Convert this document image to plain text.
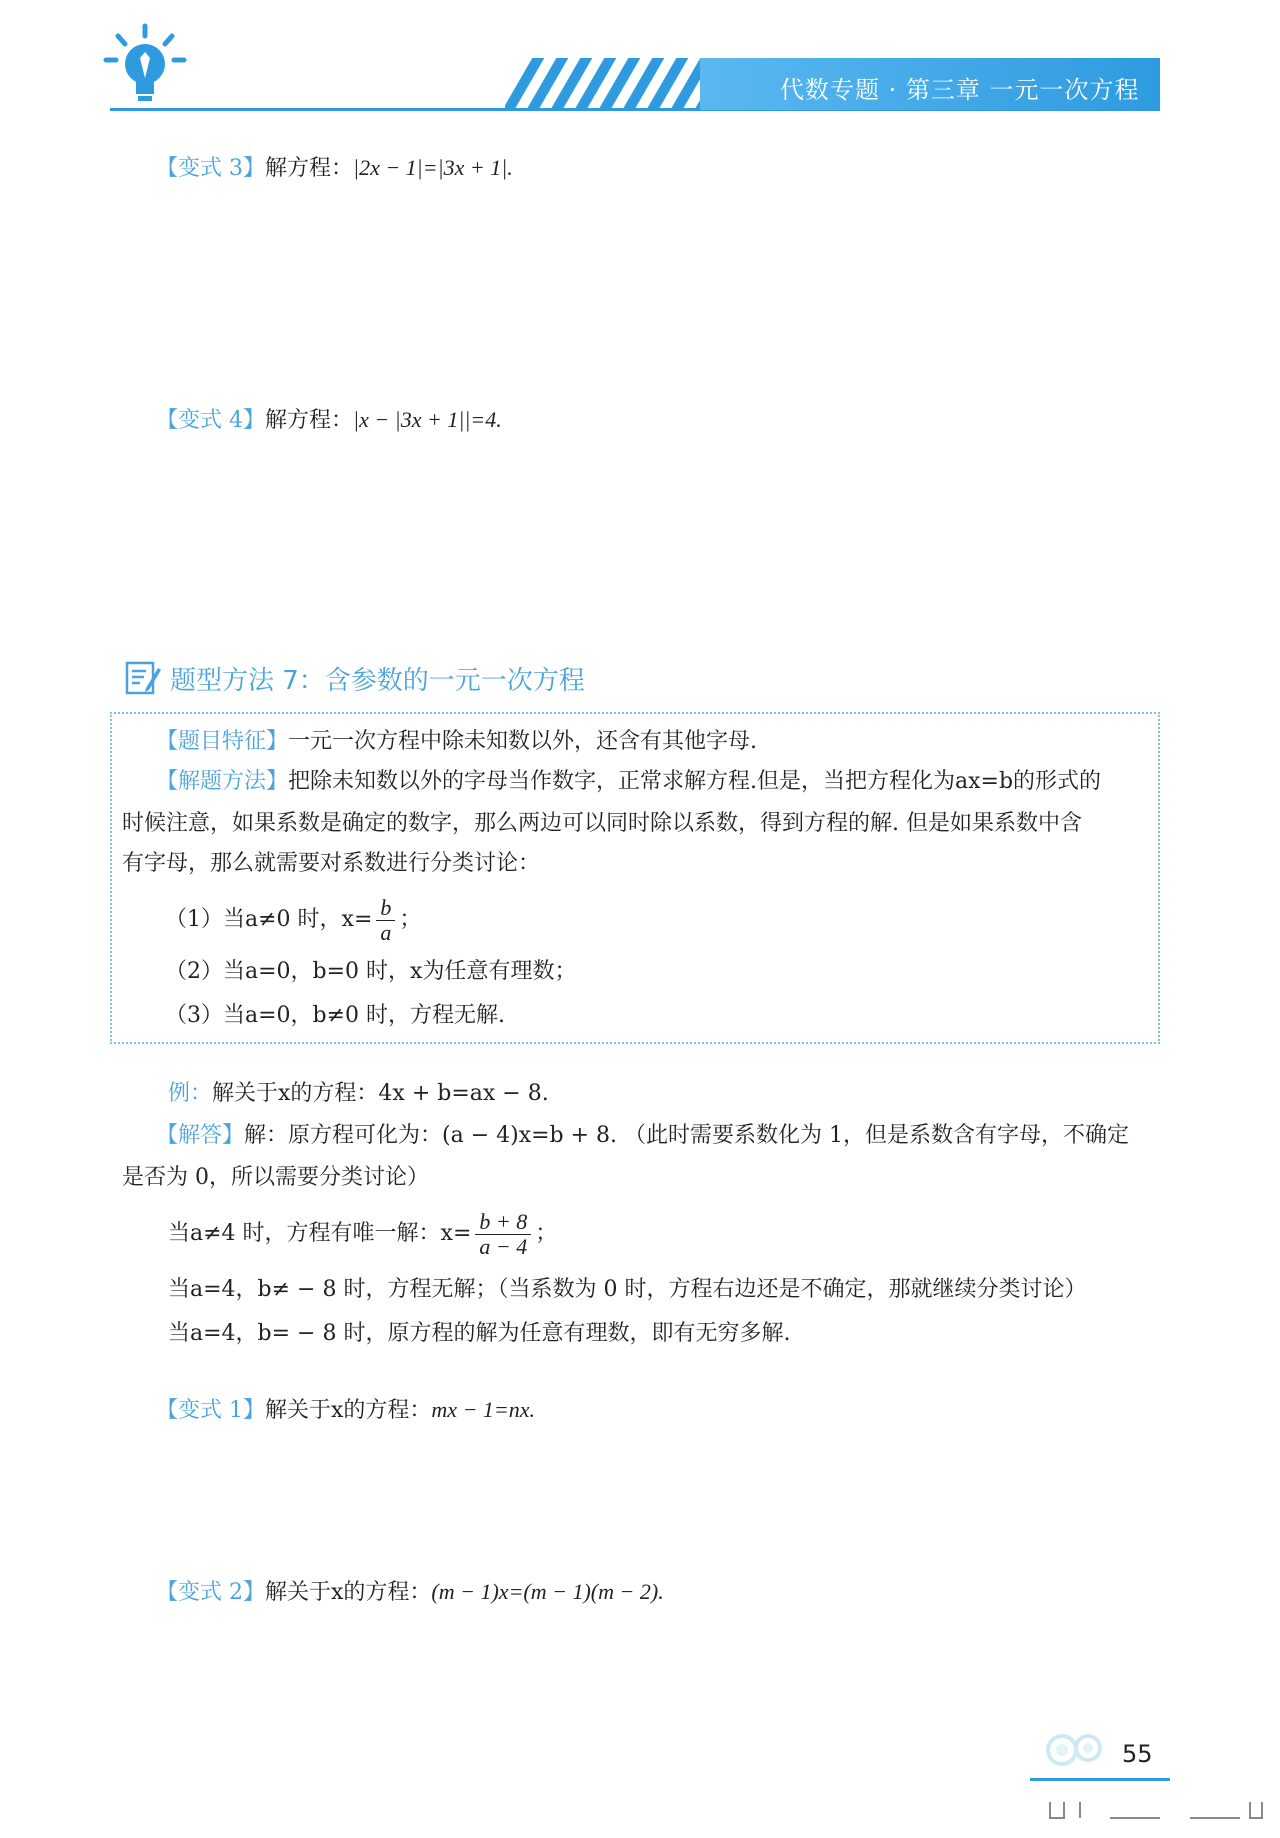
代数专题 · 第三章 一元一次方程
【变式 3】解方程：|2x − 1|=|3x + 1|.
【变式 4】解方程：|x − |3x + 1||=4.
题型方法 7：含参数的一元一次方程
【题目特征】一元一次方程中除未知数以外，还含有其他字母.
【解题方法】把除未知数以外的字母当作数字，正常求解方程.但是，当把方程化为ax=b的形式的
时候注意，如果系数是确定的数字，那么两边可以同时除以系数，得到方程的解. 但是如果系数中含
有字母，那么就需要对系数进行分类讨论：
（1）当a≠0 时，$x= \frac{b}{a}$ ；
（2）当a=0，b=0 时，x为任意有理数；
（3）当a=0，b≠0 时，方程无解.
例：解关于x的方程：4x + b=ax − 8.
【解答】解：原方程可化为：(a − 4)x=b + 8. （此时需要系数化为 1，但是系数含有字母，不确定
是否为 0，所以需要分类讨论）
当a≠4 时，方程有唯一解：$x= \frac{b + 8}{a - 4}$ ；
当a=4，b≠ − 8 时，方程无解；（当系数为 0 时，方程右边还是不确定，那就继续分类讨论）
当a=4，b= − 8 时，原方程的解为任意有理数，即有无穷多解.
【变式 1】解关于x的方程：mx − 1=nx.
【变式 2】解关于x的方程：(m − 1)x=(m − 1)(m − 2).
55
